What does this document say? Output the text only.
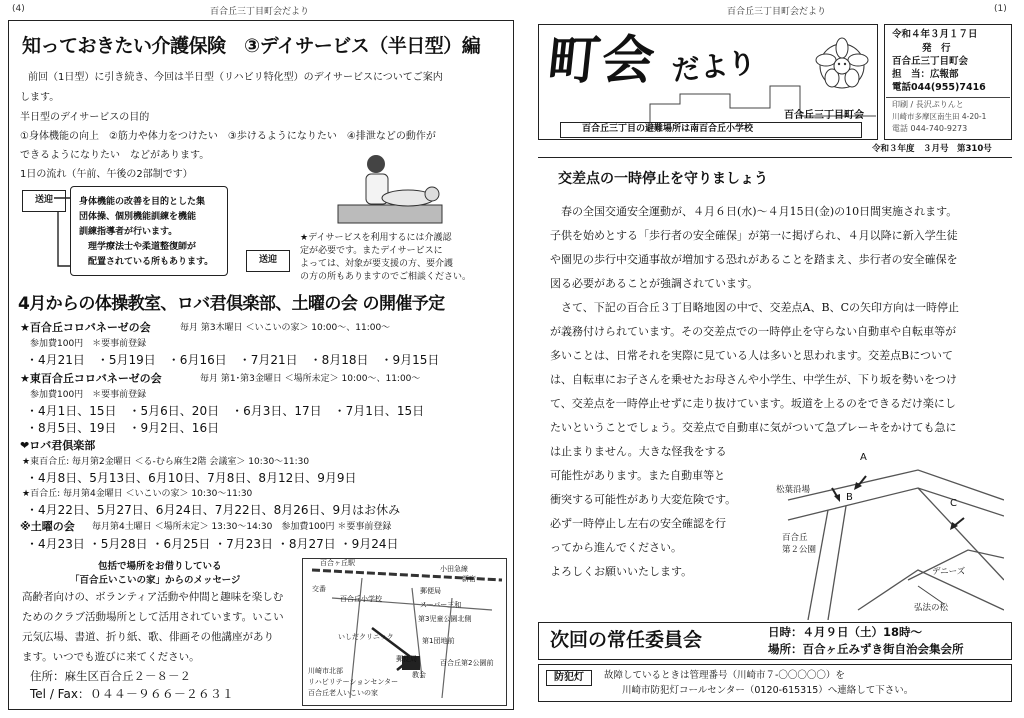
(4)	百合丘三丁目町会だより
知っておきたい介護保険　③デイサービス（半日型）編
前回（1日型）に引き続き、今回は半日型（リハビリ特化型）のデイサービスについてご案内
します。
半日型のデイサービスの目的
①身体機能の向上　②筋力や体力をつけたい　③歩けるようになりたい　④排泄などの動作が
できるようになりたい　などがあります。
1日の流れ（午前、午後の2部制です）
送迎	身体機能の改善を目的とした集
団体操、個別機能訓練を機能
訓練指導者が行います。
　理学療法士や柔道整復師が
　配置されている所もあります。	送迎
★デイサービスを利用するには介護認
定が必要です。またデイサービスに
よっては、対象が要支援の方、要介護
の方の所もありますのでご相談ください。
4月からの体操教室、ロバ君倶楽部、土曜の会 の開催予定
★百合丘コロバネーゼの会	毎月 第3木曜日 ＜いこいの家＞ 10:00～、11:00～
参加費100円　＊要事前登録
・4月21日　・5月19日　・6月16日　・7月21日　・8月18日　・9月15日
★東百合丘コロバネーゼの会	毎月 第1･第3金曜日 ＜場所未定＞ 10:00～、11:00～
参加費100円　＊要事前登録
・4月1日、15日　・5月6日、20日　・6月3日、17日　・7月1日、15日
・8月5日、19日　・9月2日、16日
❤ロバ君倶楽部
★東百合丘: 毎月第2金曜日 ＜る-むら麻生2階 会議室＞ 10:30～11:30
・4月8日、5月13日、6月10日、7月8日、8月12日、9月9日
★百合丘: 毎月第4金曜日 ＜いこいの家＞ 10:30～11:30
・4月22日、5月27日、6月24日、7月22日、8月26日、9月はお休み
※土曜の会 毎月第4土曜日 ＜場所未定＞ 13:30～14:30　参加費100円 ＊要事前登録
・4月23日 ・5月28日 ・6月25日 ・7月23日 ・8月27日 ・9月24日
包括で場所をお借りしている
「百合丘いこいの家」からのメッセージ
高齢者向けの、ボランティア活動や仲間と趣味を楽しむ
ためのクラブ活動場所として活用されています。いこい
元気広場、書道、折り紙、歌、俳画その他講座があり
ます。いつでも遊びに来てください。
住所：麻生区百合丘２－８－２
Tel / Fax：０４４－９６６－２６３１
百合ヶ丘駅
小田急線
交番
新宿
郵便局
百合丘小学校
スーパー三和
第3児童公園北側
第1団地前
いしだクリニック
郵便局	百合丘第2公園前
教会
川崎市北部
リハビリテーションセンター
百合丘老人いこいの家
百合丘三丁目町会だより	(1)
町会 だより
百合丘三丁目町会
百合丘三丁目の避難場所は南百合丘小学校
令和４年３月１７日
発　行
百合丘三丁目町会
担　当：広報部
電話044(955)7416
印刷 / 長沢ぷりんと
川崎市多摩区南生田 4-20-1
電話 044-740-9273
令和３年度　３月号　第310号
交差点の一時停止を守りましょう
　春の全国交通安全運動が、４月６日(水)～４月15日(金)の10日間実施されます。
子供を始めとする「歩行者の安全確保」が第一に掲げられ、４月以降に新入学生徒
や園児の歩行中交通事故が増加する恐れがあることを踏まえ、歩行者の安全確保を
図る必要があることが強調されています。
　さて、下記の百合丘３丁目略地図の中で、交差点A、B、Cの矢印方向は一時停止
が義務付けられています。その交差点での一時停止を守らない自動車や自転車等が
多いことは、日常それを実際に見ている人は多いと思われます。交差点Bについて
は、自転車にお子さんを乗せたお母さんや小学生、中学生が、下り坂を勢いをつけ
て、交差点を一時停止せずに走り抜けています。坂道を上るのをできるだけ楽にし
たいということでしょう。交差点で自動車に気がついて急ブレーキをかけても急に
は止まりません。大きな怪我をする
可能性があります。また自動車等と
衝突する可能性があり大変危険です。
必ず一時停止し左右の安全確認を行
ってから進んでください。
よろしくお願いいたします。
A
B
C
松葉沿場
百合丘
第２公園
デニーズ
弘法の松
次回の常任委員会	日時：４月９日（土）18時～
場所：百合ヶ丘みずき街自治会集会所
防犯灯	故障しているときは管理番号（川崎市７-〇〇〇〇〇）を
川崎市防犯灯コールセンター（0120-615315）へ連絡して下さい。
